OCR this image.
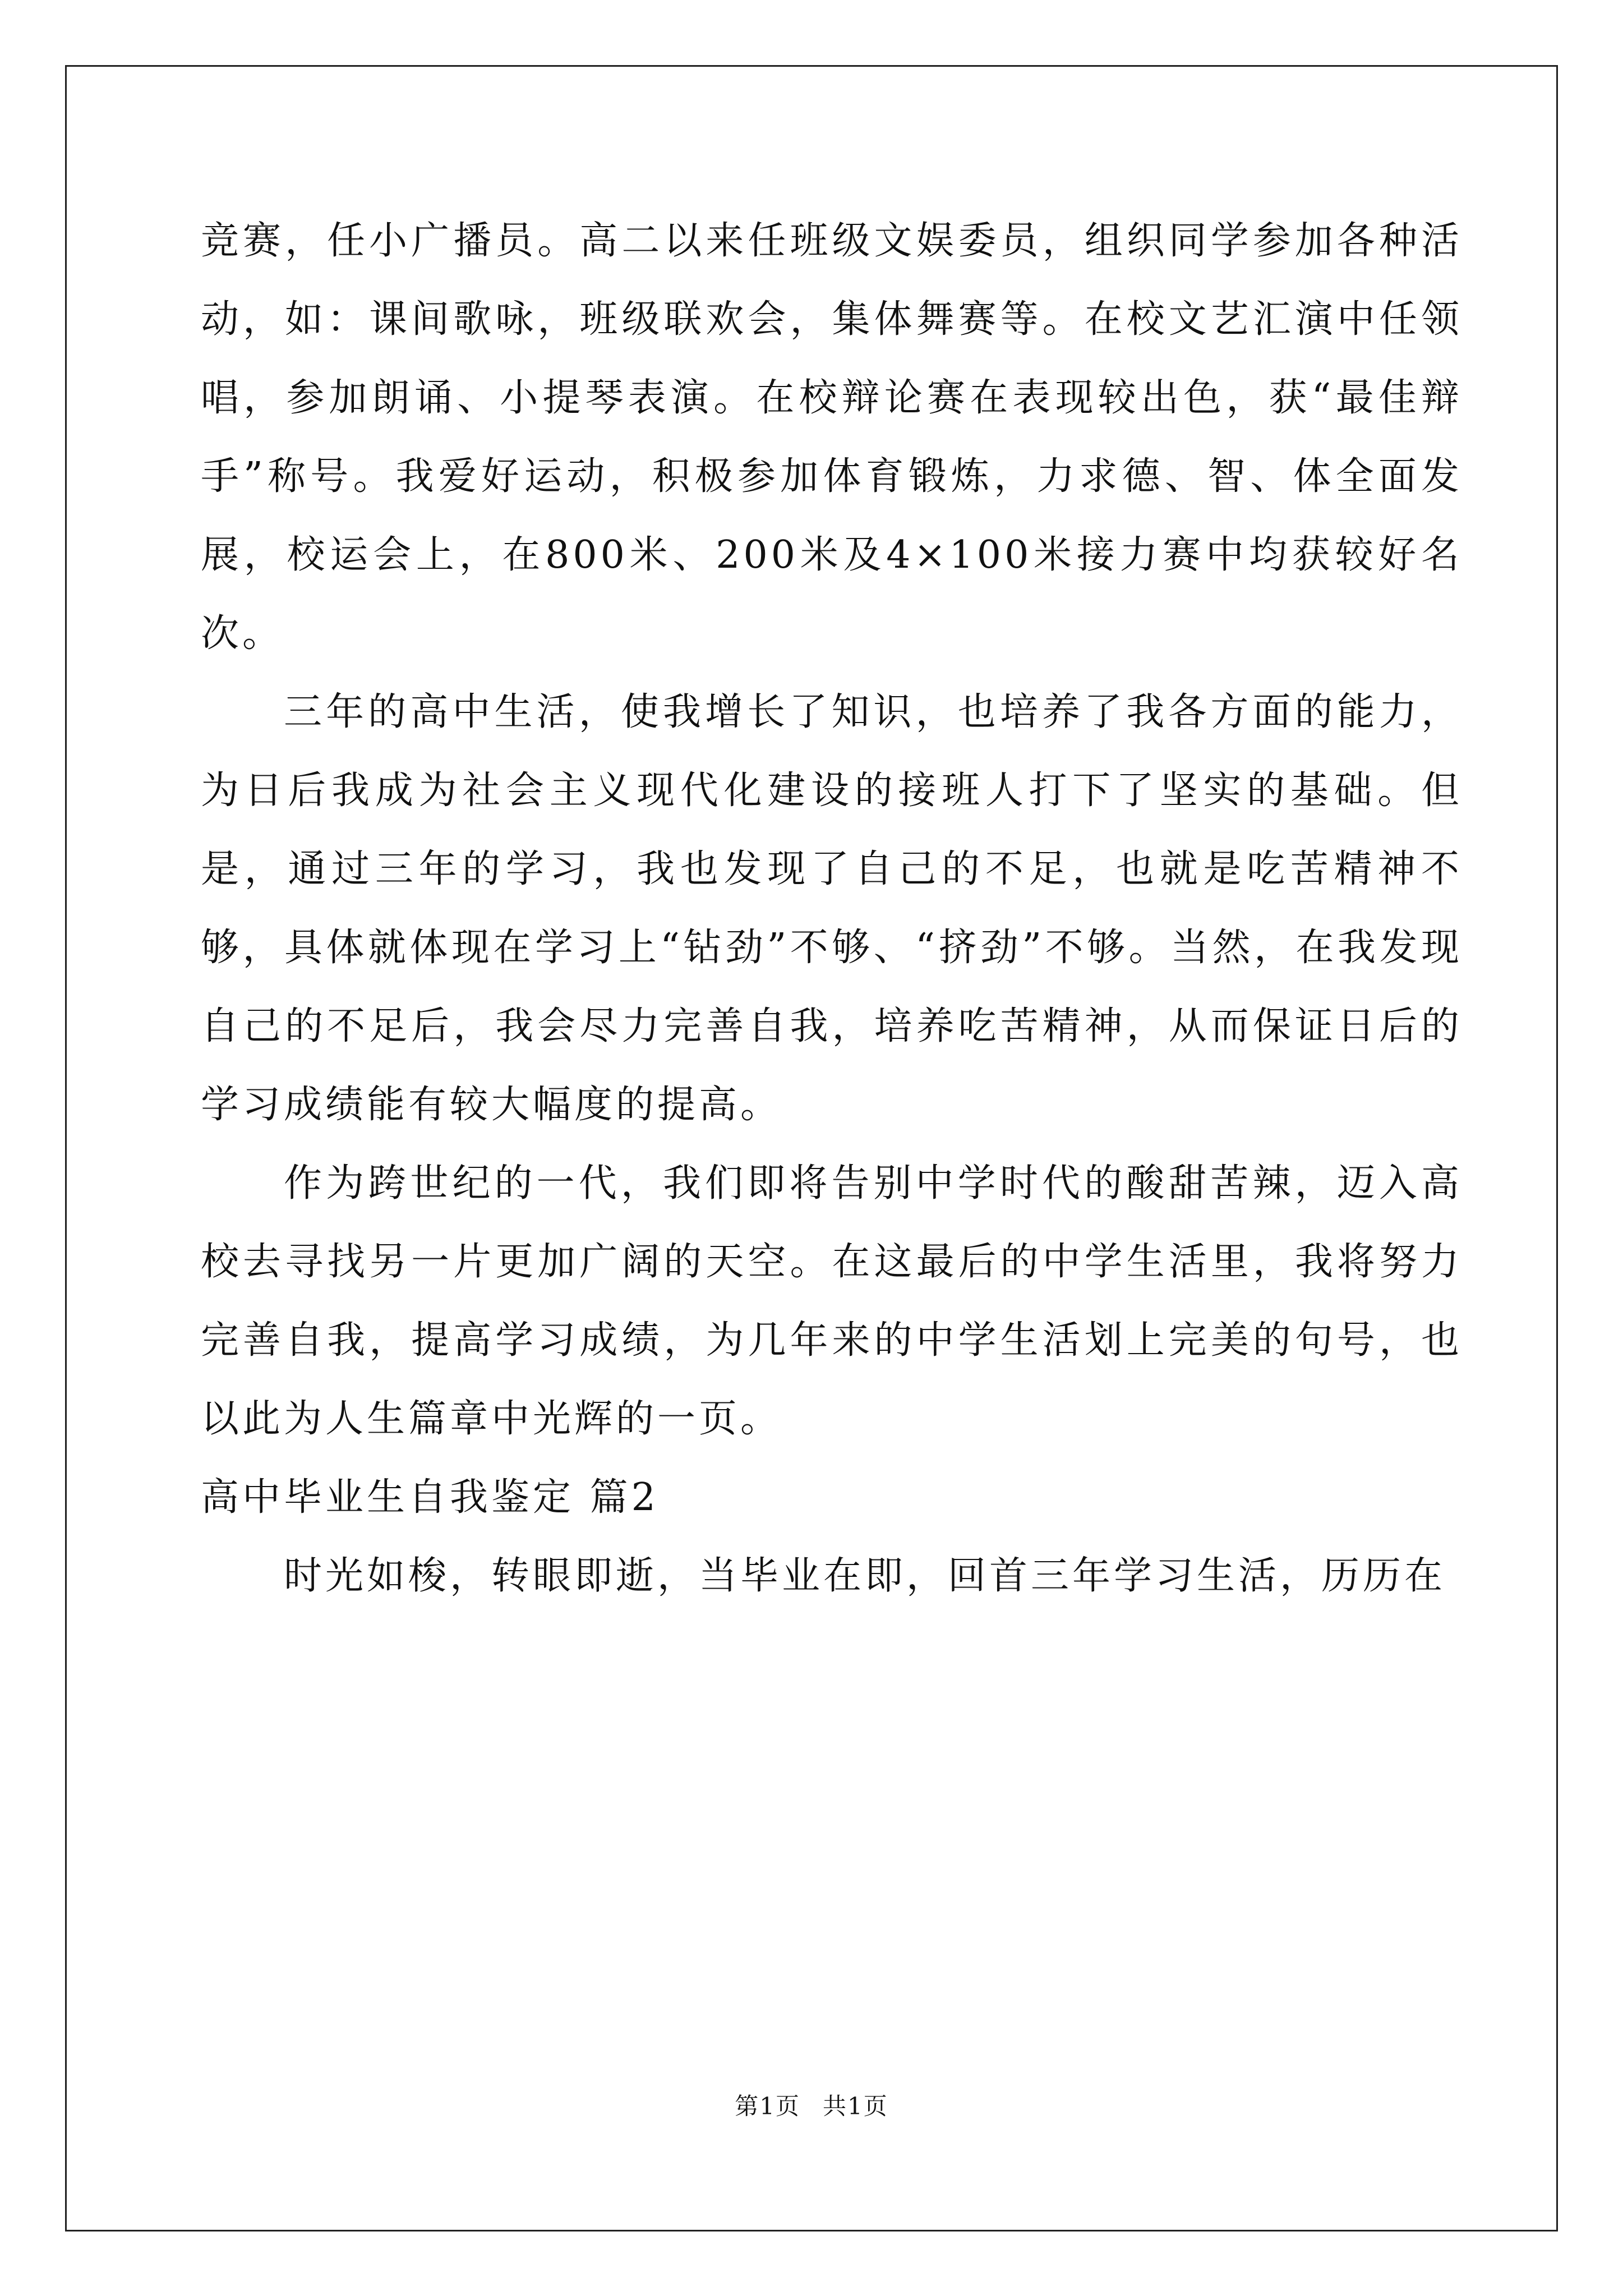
竞赛，任小广播员。高二以来任班级文娱委员，组织同学参加各种活动，如：课间歌咏，班级联欢会，集体舞赛等。在校文艺汇演中任领唱，参加朗诵、小提琴表演。在校辩论赛在表现较出色，获“最佳辩手”称号。我爱好运动，积极参加体育锻炼，力求德、智、体全面发展，校运会上，在800米、200米及4×100米接力赛中均获较好名次。

三年的高中生活，使我增长了知识，也培养了我各方面的能力，为日后我成为社会主义现代化建设的接班人打下了坚实的基础。但是，通过三年的学习，我也发现了自己的不足，也就是吃苦精神不够，具体就体现在学习上“钻劲”不够、“挤劲”不够。当然，在我发现自己的不足后，我会尽力完善自我，培养吃苦精神，从而保证日后的学习成绩能有较大幅度的提高。

作为跨世纪的一代，我们即将告别中学时代的酸甜苦辣，迈入高校去寻找另一片更加广阔的天空。在这最后的中学生活里，我将努力完善自我，提高学习成绩，为几年来的中学生活划上完美的句号，也以此为人生篇章中光辉的一页。

高中毕业生自我鉴定 篇2

时光如梭，转眼即逝，当毕业在即，回首三年学习生活，历历在

第1页 共1页
